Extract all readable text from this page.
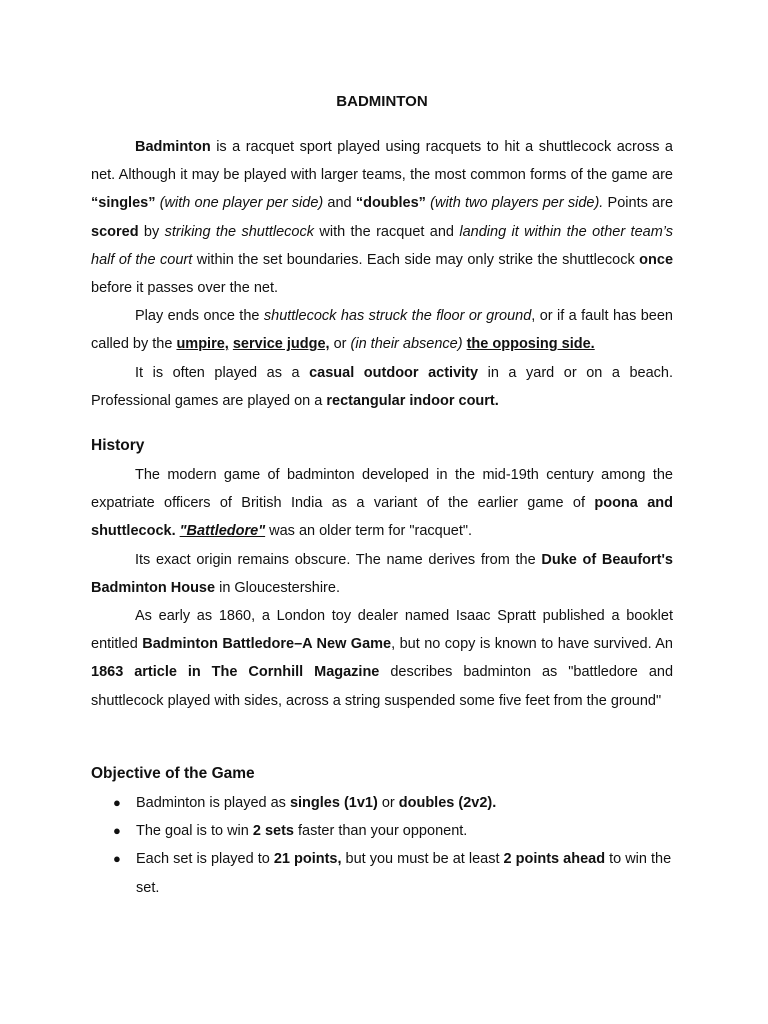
BADMINTON

Badminton is a racquet sport played using racquets to hit a shuttlecock across a net. Although it may be played with larger teams, the most common forms of the game are “singles” (with one player per side) and “doubles” (with two players per side). Points are scored by striking the shuttlecock with the racquet and landing it within the other team’s half of the court within the set boundaries. Each side may only strike the shuttlecock once before it passes over the net.

Play ends once the shuttlecock has struck the floor or ground, or if a fault has been called by the umpire, service judge, or (in their absence) the opposing side.

It is often played as a casual outdoor activity in a yard or on a beach. Professional games are played on a rectangular indoor court.

History

The modern game of badminton developed in the mid-19th century among the expatriate officers of British India as a variant of the earlier game of poona and shuttlecock. "Battledore" was an older term for "racquet".

Its exact origin remains obscure. The name derives from the Duke of Beaufort's Badminton House in Gloucestershire.

As early as 1860, a London toy dealer named Isaac Spratt published a booklet entitled Badminton Battledore–A New Game, but no copy is known to have survived. An 1863 article in The Cornhill Magazine describes badminton as "battledore and shuttlecock played with sides, across a string suspended some five feet from the ground"

Objective of the Game
● Badminton is played as singles (1v1) or doubles (2v2).
● The goal is to win 2 sets faster than your opponent.
● Each set is played to 21 points, but you must be at least 2 points ahead to win the set.
